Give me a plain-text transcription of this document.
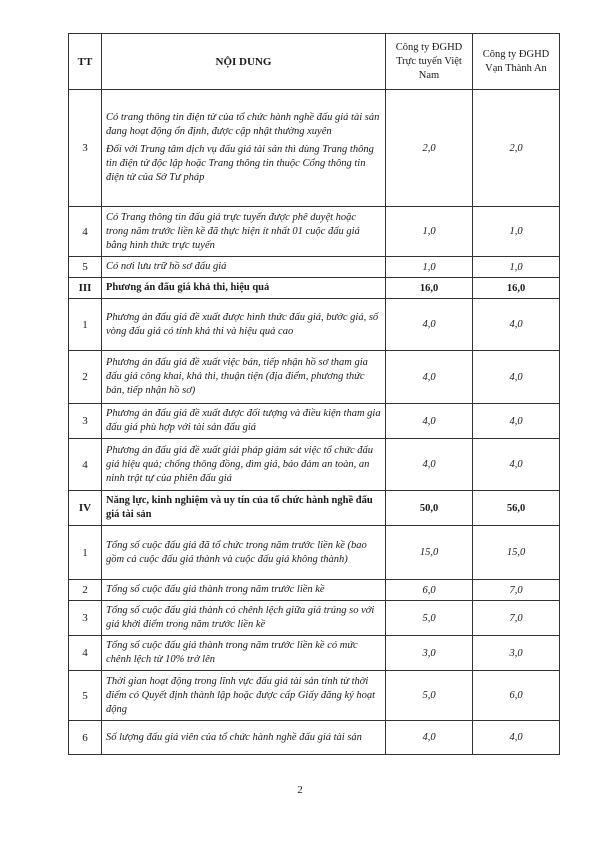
TT	NỘI DUNG	Công ty ĐGHD Trực tuyến Việt Nam	Công ty ĐGHD Vạn Thành An
3	Có trang thông tin điện tử của tổ chức hành nghề đấu giá tài sản đang hoạt động ổn định, được cập nhật thường xuyên

Đối với Trung tâm dịch vụ đấu giá tài sản thì dùng Trang thông tin điện tử độc lập hoặc Trang thông tin thuộc Cổng thông tin điện tử của Sở Tư pháp	2,0	2,0
4	Có Trang thông tin đấu giá trực tuyến được phê duyệt hoặc trong năm trước liền kề đã thực hiện ít nhất 01 cuộc đấu giá bằng hình thức trực tuyến	1,0	1,0
5	Có nơi lưu trữ hồ sơ đấu giá	1,0	1,0
III	Phương án đấu giá khả thi, hiệu quả	16,0	16,0
1	Phương án đấu giá đề xuất được hình thức đấu giá, bước giá, số vòng đấu giá có tính khả thi và hiệu quả cao	4,0	4,0
2	Phương án đấu giá đề xuất việc bán, tiếp nhận hồ sơ tham gia đấu giá công khai, khả thi, thuận tiện (địa điểm, phương thức bán, tiếp nhận hồ sơ)	4,0	4,0
3	Phương án đấu giá đề xuất được đối tượng và điều kiện tham gia đấu giá phù hợp với tài sản đấu giá	4,0	4,0
4	Phương án đấu giá đề xuất giải pháp giám sát việc tổ chức đấu giá hiệu quả; chống thông đồng, dìm giá, bảo đảm an toàn, an ninh trật tự của phiên đấu giá	4,0	4,0
IV	Năng lực, kinh nghiệm và uy tín của tổ chức hành nghề đấu giá tài sản	50,0	56,0
1	Tổng số cuộc đấu giá đã tổ chức trong năm trước liền kề (bao gồm cả cuộc đấu giá thành và cuộc đấu giá không thành)	15,0	15,0
2	Tổng số cuộc đấu giá thành trong năm trước liền kề	6,0	7,0
3	Tổng số cuộc đấu giá thành có chênh lệch giữa giá trúng so với giá khởi điểm trong năm trước liền kề	5,0	7,0
4	Tổng số cuộc đấu giá thành trong năm trước liền kề có mức chênh lệch từ 10% trở lên	3,0	3,0
5	Thời gian hoạt động trong lĩnh vực đấu giá tài sản tính từ thời điểm có Quyết định thành lập hoặc được cấp Giấy đăng ký hoạt động	5,0	6,0
6	Số lượng đấu giá viên của tổ chức hành nghề đấu giá tài sản	4,0	4,0
2
